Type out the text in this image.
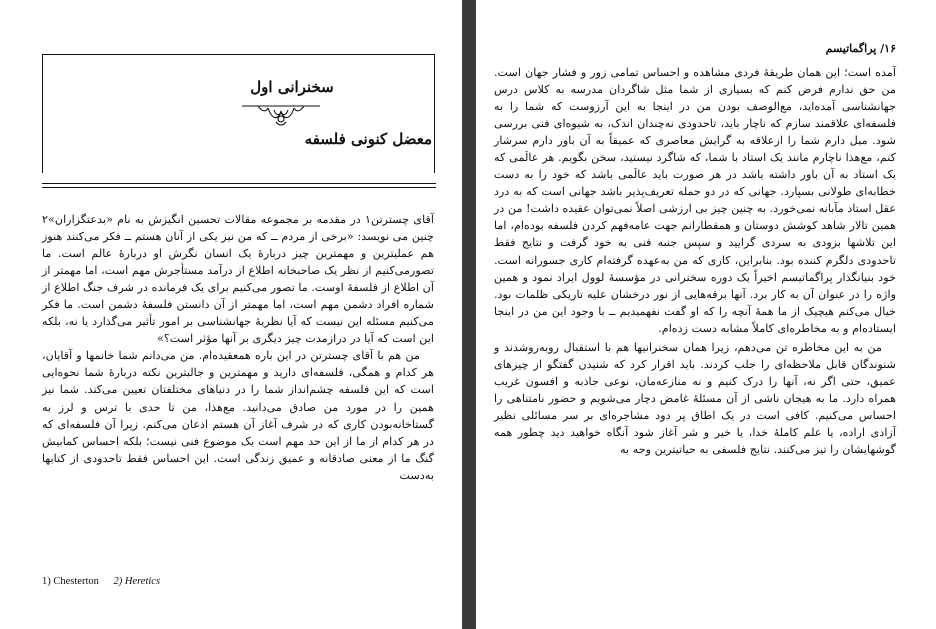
سخنرانی اول
معضل کنونی فلسفه

آقای چسترتن۱ در مقدمه بر مجموعه مقالات تحسین انگیزش به نام «بدعتگزاران»۲ چنین می نویسد: «برخی از مردم ــ که من نیز یکی از آنان هستم ــ فکر می‌کنند هنوز هم عملیترین و مهمترین چیز دربارهٔ یک انسان نگرش او دربارهٔ عالم است. ما تصورمی‌کنیم از نظر یک صاحبخانه اطلاع از درآمد مستأجرش مهم است، اما مهمتر از آن اطلاع از فلسفهٔ اوست. ما تصور می‌کنیم برای یک فرمانده در شرف جنگ اطلاع از شماره افراد دشمن مهم است، اما مهمتر از آن دانستن فلسفهٔ دشمن است. ما فکر می‌کنیم مسئله این نیست که آیا نظریهٔ جهانشناسی بر امور تأثیر می‌گذارد یا نه، بلکه این است که آیا در درازمدت چیز دیگری بر آنها مؤثر است؟»

من هم با آقای چسترتن در این باره همعقیده‌ام. من می‌دانم شما خانمها و آقایان، هر کدام و همگی، فلسفه‌ای دارید و مهمترین و جالبترین نکته دربارهٔ شما نحوه‌ایی است که این فلسفه چشم‌انداز شما را در دنیاهای مختلفتان تعیین می‌کند. شما نیز همین را در مورد من صادق می‌دانید. مع‌هذا، من تا حدی با ترس و لرز به گستاخانه‌بودن کاری که در شرف آغاز آن هستم اذعان می‌کنم. زیرا آن فلسفه‌ای که در هر کدام از ما از این حد مهم است یک موضوع فنی نیست؛ بلکه احساس کمابیش گنگ ما از معنی صادقانه و عمیق زندگی است. این احساس فقط تاحدودی از کتابها به‌دست

1) Chesterton 2) Heretics
۱۶/ پراگماتیسم

آمده است؛ این همان طریقهٔ فردی مشاهده و احساس تمامی زور و فشار جهان است. من حق ندارم فرض کنم که بسیاری از شما مثل شاگردان مدرسه به کلاس درس جهانشناسی آمده‌اید، مع‌الوصف بودن من در اینجا به این آرزوست که شما را به فلسفه‌ای علاقمند سازم که ناچار باید، تاحدودی نه‌چندان اندک، به شیوه‌ای فنی بررسی شود. میل دارم شما را ازعلاقه به گرایش معاصری که عمیقاً به آن باور دارم سرشار کنم، مع‌هذا ناچارم مانند یک استاد با شما، که شاگرد نیستید، سخن بگویم. هر عالَمی که یک استاد به آن باور داشته باشد در هر صورت باید عالَمی باشد که خود را به دست خطابه‌ای طولانی بسپارد. جهانی که در دو جمله تعریف‌پذیر باشد جهانی است که به درد عقل استاد مآبانه نمی‌خورد. به چنین چیز بی ارزشی اصلاً نمی‌توان عقیده داشت! من در همین تالار شاهد کوشش دوستان و همقطارانم جهت عامه‌فهم کردن فلسفه بوده‌ام، اما این تلاشها بزودی به سردی گرایید و سپس جنبه فنی به خود گرفت و نتایج فقط تاحدودی دلگرم کننده بود. بنابراین، کاری که من به‌عهده گرفته‌ام کاری جسورانه است. خود بنیانگذار پراگماتیسم اخیراً یک دوره سخنرانی در مؤسسهٔ لوول ایراد نمود و همین واژه را در عنوان آن به کار برد. آنها برقه‌هایی از نور درخشان علیه تاریکی ظلمات بود. خیال می‌کنم هیچیک از ما همهٔ آنچه را که او گفت نفهمیدیم ــ با وجود این من در اینجا ایستاده‌ام و به مخاطره‌ای کاملاً مشابه دست زده‌ام.

من به این مخاطره تن می‌دهم، زیرا همان سخنرانیها هم با استقبال روبه‌روشدند و شنوندگان قابل ملاحظه‌ای را جلب کردند. باید اقرار کرد که شنیدن گفتگو از چیزهای عمیق، حتی اگر نه، آنها را درک کنیم و نه منازعه‌مان، نوعی جاذبه و افسون غریب همراه دارد. ما به هیجان ناشی از آن مسئلهٔ غامض دچار می‌شویم و حضور نامتناهی را احساس می‌کنیم. کافی است در یک اطاق پر دود مشاجره‌ای بر سر مسائلی نظیر آزادی اراده، یا علم کاملهٔ خدا، یا خیر و شر آغاز شود آنگاه خواهید دید چطور همه گوشهایشان را تیز می‌کنند. نتایج فلسفی به حیاتیترین وجه به
